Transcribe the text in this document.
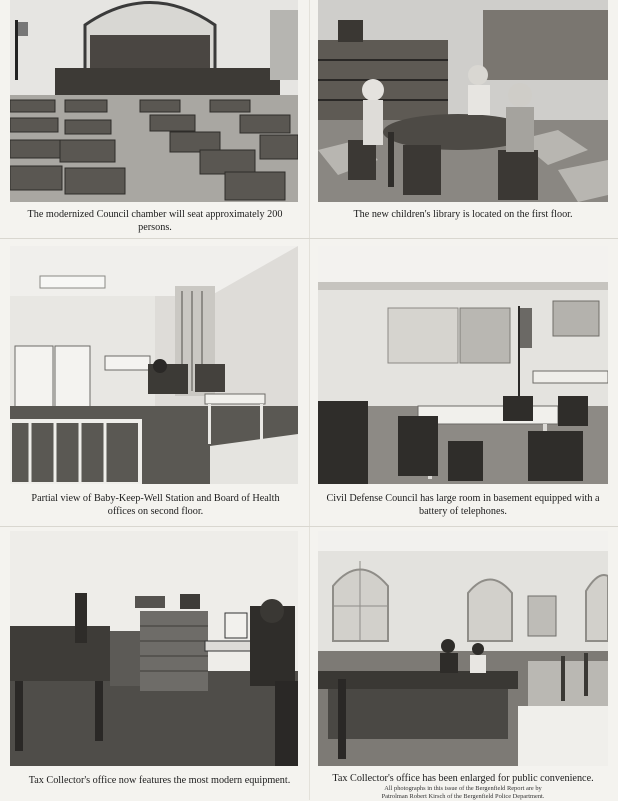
The modernized Council chamber will seat approximately 200 persons.
The new children's library is located on the first floor.
Partial view of Baby-Keep-Well Station and Board of Health offices on second floor.
Civil Defense Council has large room in basement equipped with a battery of telephones.
Tax Collector's office now features the most modern equipment.	Tax Collector's office has been enlarged for public convenience.
All photographs in this issue of the Bergenfield Report are by
Patrolman Robert Kirsch of the Bergenfield Police Department.
